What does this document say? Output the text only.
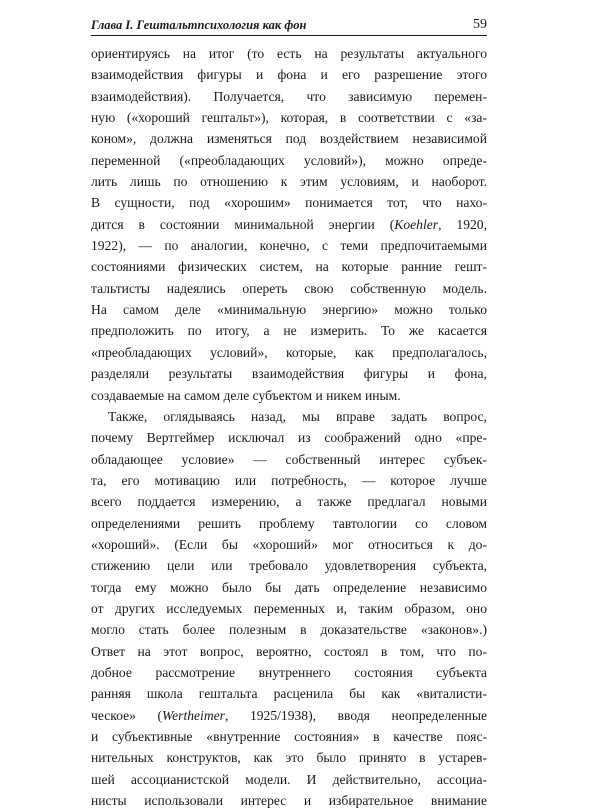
Глава I. Гештальтпсихология как фон	59
ориентируясь на итог (то есть на результаты актуального
взаимодействия фигуры и фона и его разрешение этого
взаимодействия). Получается, что зависимую перемен-
ную («хороший гештальт»), которая, в соответствии с «за-
коном», должна изменяться под воздействием независимой
переменной («преобладающих условий»), можно опреде-
лить лишь по отношению к этим условиям, и наоборот.
В сущности, под «хорошим» понимается тот, что нахо-
дится в состоянии минимальной энергии (Koehler, 1920,
1922), — по аналогии, конечно, с теми предпочитаемыми
состояниями физических систем, на которые ранние гешт-
тальтисты надеялись опереть свою собственную модель.
На самом деле «минимальную энергию» можно только
предположить по итогу, а не измерить. То же касается
«преобладающих условий», которые, как предполагалось,
разделяли результаты взаимодействия фигуры и фона,
создаваемые на самом деле субъектом и никем иным.
Также, оглядываясь назад, мы вправе задать вопрос,
почему Вертгеймер исключал из соображений одно «пре-
обладающее условие» — собственный интерес субъек-
та, его мотивацию или потребность, — которое лучше
всего поддается измерению, а также предлагал новыми
определениями решить проблему тавтологии со словом
«хороший». (Если бы «хороший» мог относиться к до-
стижению цели или требовало удовлетворения субъекта,
тогда ему можно было бы дать определение независимо
от других исследуемых переменных и, таким образом, оно
могло стать более полезным в доказательстве «законов».)
Ответ на этот вопрос, вероятно, состоял в том, что по-
добное рассмотрение внутреннего состояния субъекта
ранняя школа гештальта расценила бы как «виталисти-
ческое» (Wertheimer, 1925/1938), вводя неопределенные
и субъективные «внутренние состояния» в качестве пояс-
нительных конструктов, как это было принято в устарев-
шей ассоцианистской модели. И действительно, ассоциа-
нисты использовали интерес и избирательное внимание
